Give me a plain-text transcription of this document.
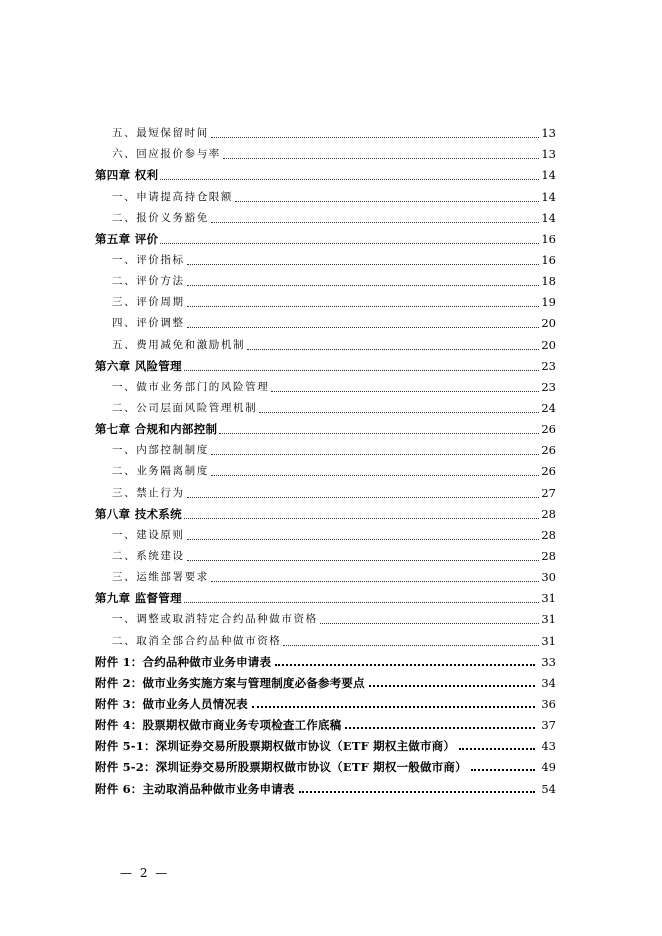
五、最短保留时间	13
六、回应报价参与率	13
第四章 权利	14
一、申请提高持仓限额	14
二、报价义务豁免	14
第五章 评价	16
一、评价指标	16
二、评价方法	18
三、评价周期	19
四、评价调整	20
五、费用减免和激励机制	20
第六章 风险管理	23
一、做市业务部门的风险管理	23
二、公司层面风险管理机制	24
第七章 合规和内部控制	26
一、内部控制制度	26
二、业务隔离制度	26
三、禁止行为	27
第八章 技术系统	28
一、建设原则	28
二、系统建设	28
三、运维部署要求	30
第九章 监督管理	31
一、调整或取消特定合约品种做市资格	31
二、取消全部合约品种做市资格	31
附件 1：合约品种做市业务申请表	33
附件 2：做市业务实施方案与管理制度必备参考要点	34
附件 3：做市业务人员情况表	36
附件 4：股票期权做市商业务专项检查工作底稿	37
附件 5-1：深圳证券交易所股票期权做市协议（ETF 期权主做市商）	43
附件 5-2：深圳证券交易所股票期权做市协议（ETF 期权一般做市商）	49
附件 6：主动取消品种做市业务申请表	54
— 2 —
